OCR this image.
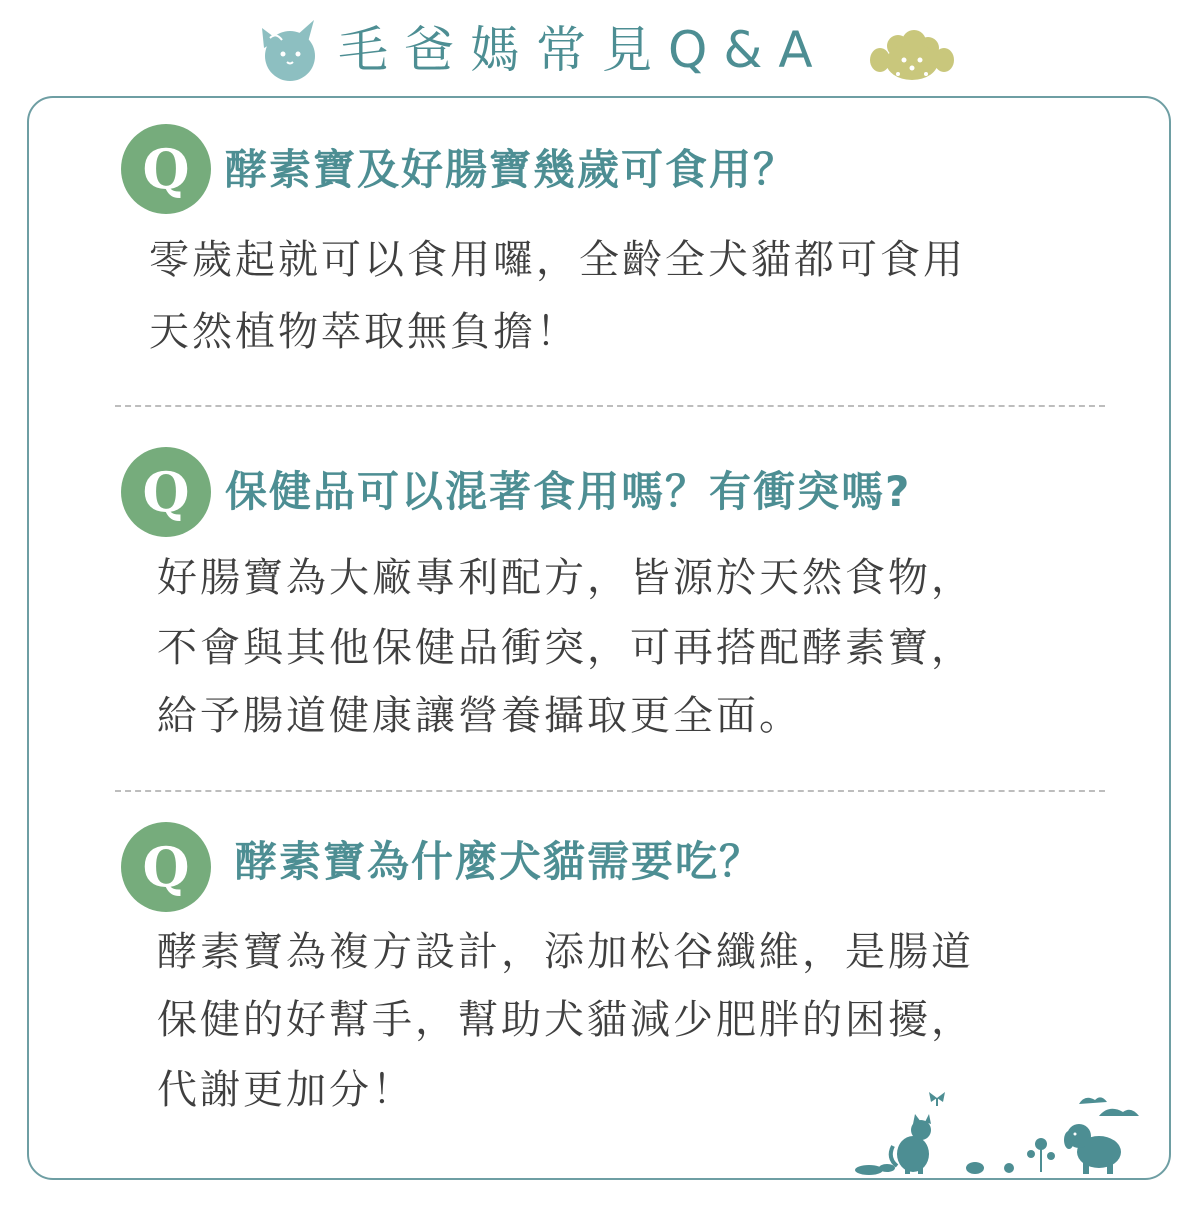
毛爸媽常見Q&A
Q 酵素寶及好腸寶幾歲可食用？
零歲起就可以食用囉，全齡全犬貓都可食用
天然植物萃取無負擔！
Q 保健品可以混著食用嗎？有衝突嗎?
好腸寶為大廠專利配方，皆源於天然食物，
不會與其他保健品衝突，可再搭配酵素寶，
給予腸道健康讓營養攝取更全面。
Q	酵素寶為什麼犬貓需要吃？
酵素寶為複方設計，添加松谷纖維，是腸道
保健的好幫手，幫助犬貓減少肥胖的困擾，
代謝更加分！
